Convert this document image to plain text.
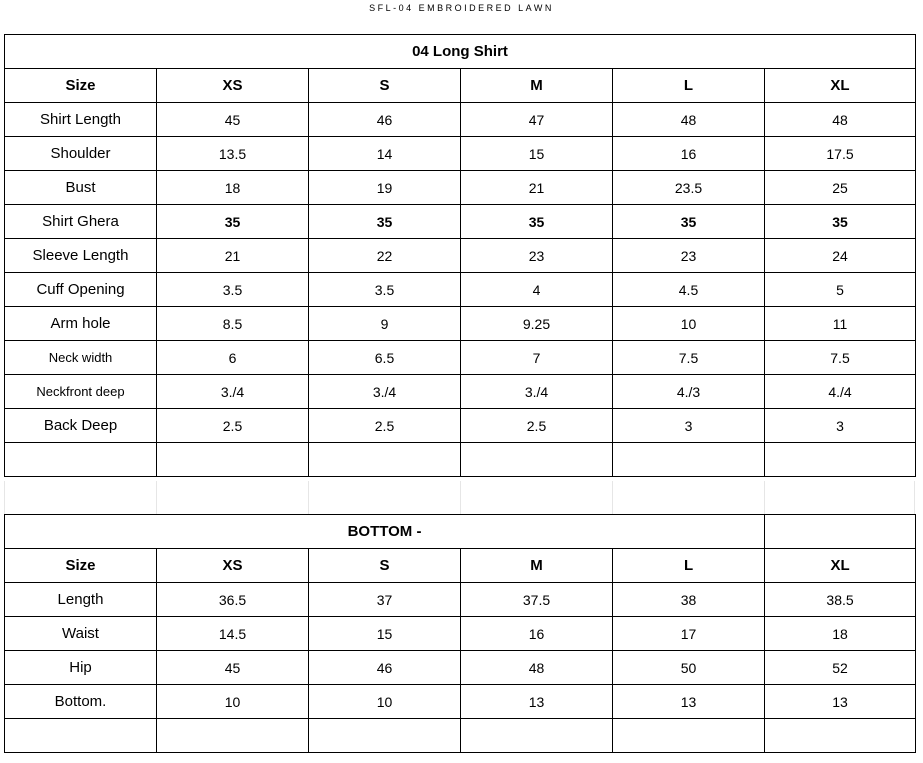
SFL-04 EMBROIDERED LAWN
04 Long Shirt					
Size	XS	S	M	L	XL
Shirt Length	45	46	47	48	48
Shoulder	13.5	14	15	16	17.5
Bust	18	19	21	23.5	25
Shirt Ghera	35	35	35	35	35
Sleeve Length	21	22	23	23	24
Cuff Opening	3.5	3.5	4	4.5	5
Arm hole	8.5	9	9.25	10	11
Neck width	6	6.5	7	7.5	7.5
Neckfront deep	3./4	3./4	3./4	4./3	4./4
Back Deep	2.5	2.5	2.5	3	3

BOTTOM -					
Size	XS	S	M	L	XL
Length	36.5	37	37.5	38	38.5
Waist	14.5	15	16	17	18
Hip	45	46	48	50	52
Bottom.	10	10	13	13	13
